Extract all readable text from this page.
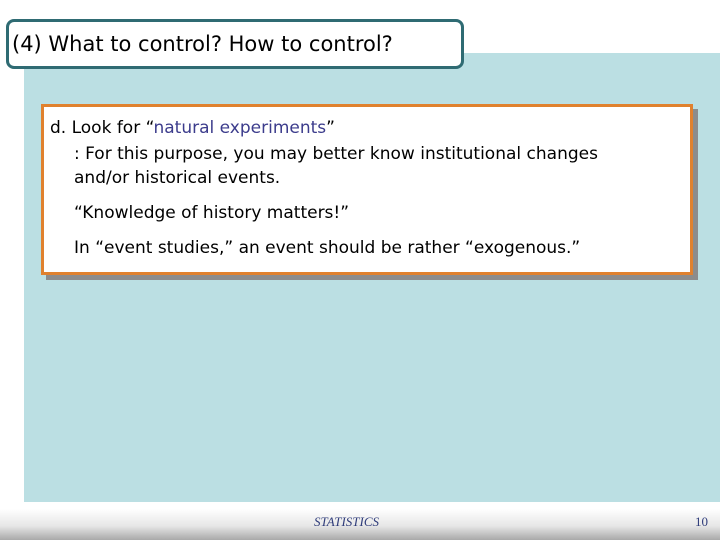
(4) What to control? How to control?
d. Look for “natural experiments”
: For this purpose, you may better know institutional changes
and/or historical events.
“Knowledge of history matters!”
In “event studies,” an event should be rather “exogenous.”
STATISTICS	10
